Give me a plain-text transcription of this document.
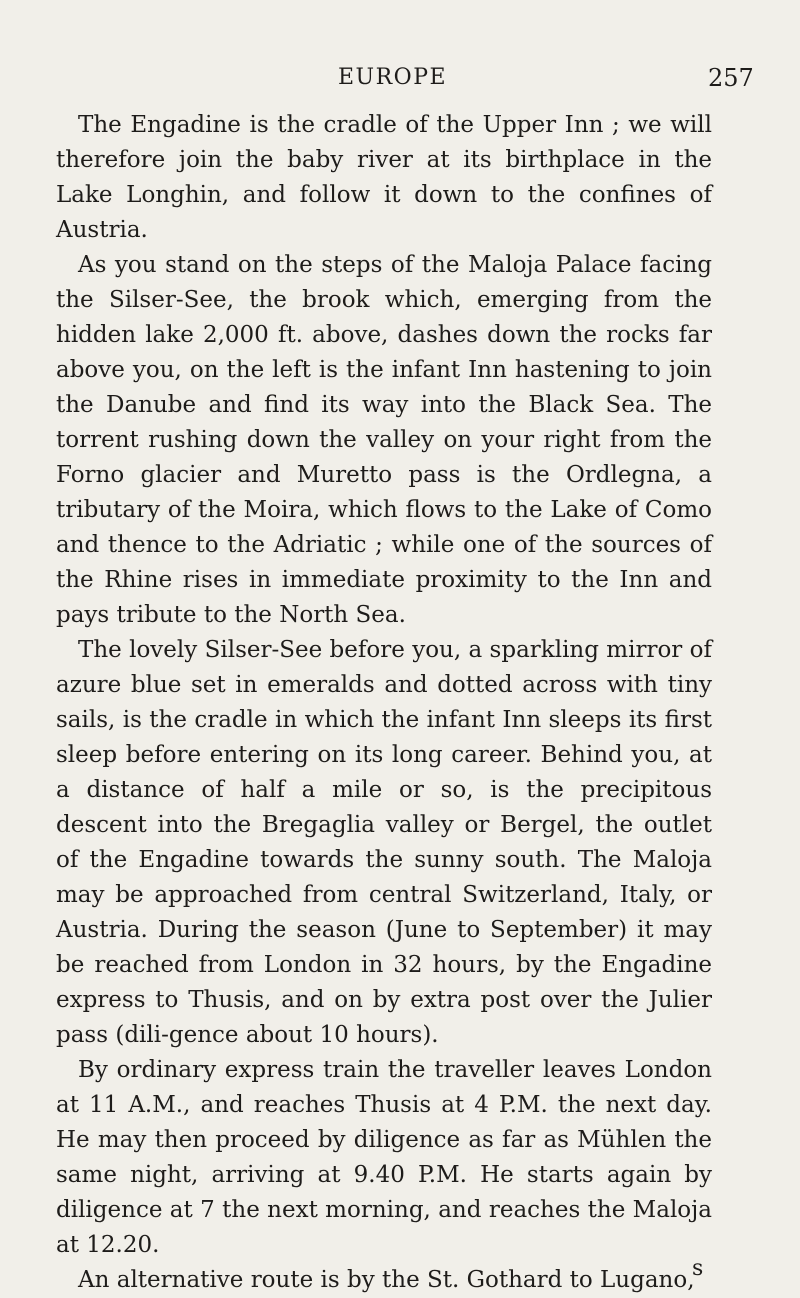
EUROPE	257

The Engadine is the cradle of the Upper Inn ; we will therefore join the baby river at its birthplace in the Lake Longhin, and follow it down to the confines of Austria.

As you stand on the steps of the Maloja Palace facing the Silser-See, the brook which, emerging from the hidden lake 2,000 ft. above, dashes down the rocks far above you, on the left is the infant Inn hastening to join the Danube and find its way into the Black Sea. The torrent rushing down the valley on your right from the Forno glacier and Muretto pass is the Ordlegna, a tributary of the Moira, which flows to the Lake of Como and thence to the Adriatic ; while one of the sources of the Rhine rises in immediate proximity to the Inn and pays tribute to the North Sea.

The lovely Silser-See before you, a sparkling mirror of azure blue set in emeralds and dotted across with tiny sails, is the cradle in which the infant Inn sleeps its first sleep before entering on its long career. Behind you, at a distance of half a mile or so, is the precipitous descent into the Bregaglia valley or Bergel, the outlet of the Engadine towards the sunny south. The Maloja may be approached from central Switzerland, Italy, or Austria. During the season (June to September) it may be reached from London in 32 hours, by the Engadine express to Thusis, and on by extra post over the Julier pass (dili-gence about 10 hours).

By ordinary express train the traveller leaves London at 11 A.M., and reaches Thusis at 4 P.M. the next day. He may then proceed by diligence as far as Mühlen the same night, arriving at 9.40 P.M. He starts again by diligence at 7 the next morning, and reaches the Maloja at 12.20.

An alternative route is by the St. Gothard to Lugano,

s
